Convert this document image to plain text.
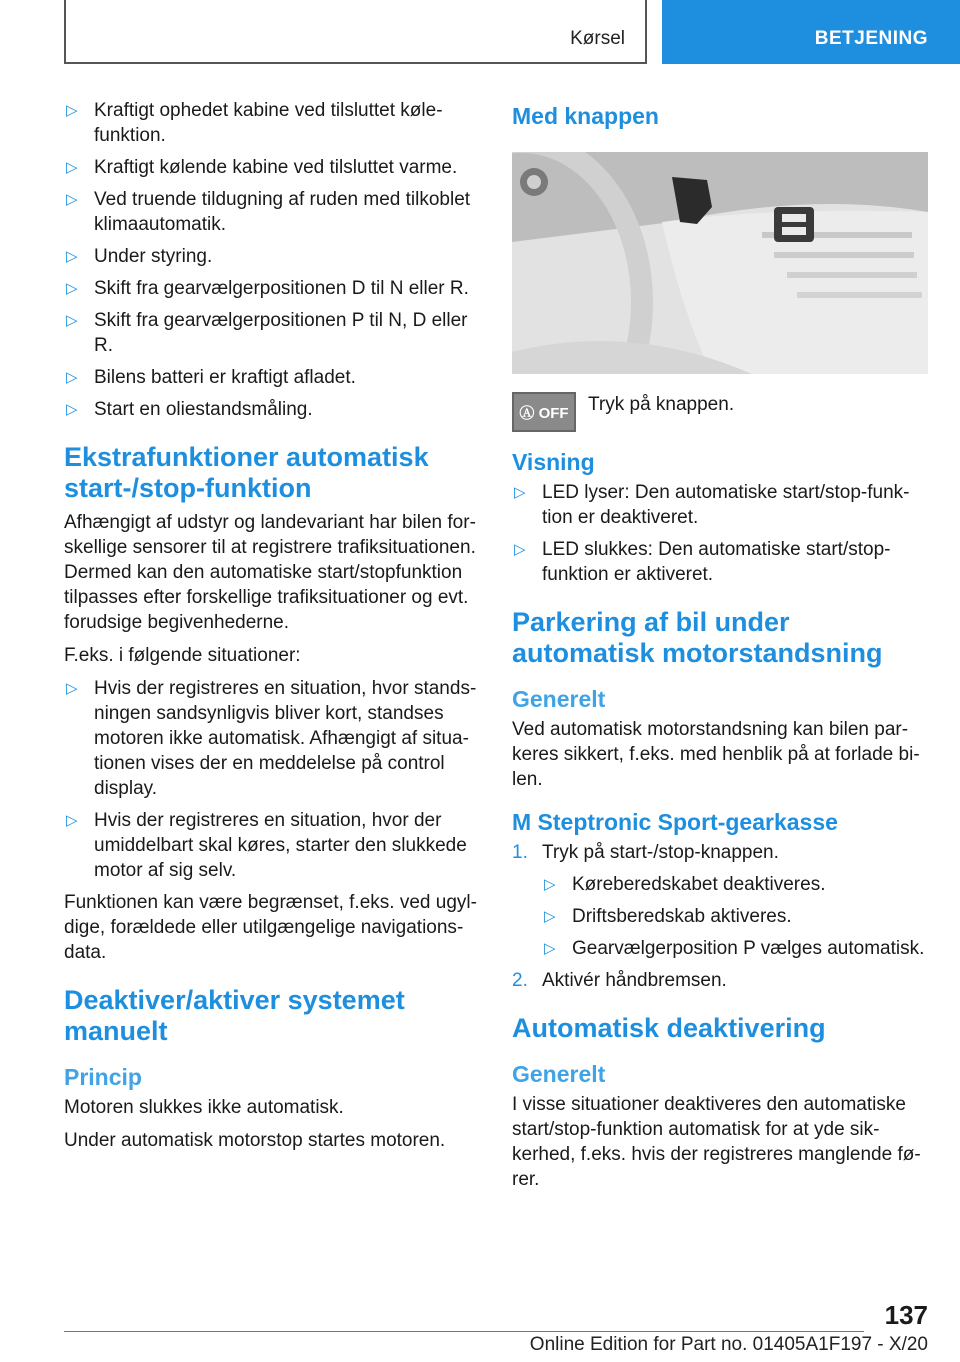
Kørsel	BETJENING
▷ Kraftigt ophedet kabine ved tilsluttet kølefunktion.
▷ Kraftigt kølende kabine ved tilsluttet varme.
▷ Ved truende tildugning af ruden med tilkoblet klimaautomatik.
▷ Under styring.
▷ Skift fra gearvælgerpositionen D til N eller R.
▷ Skift fra gearvælgerpositionen P til N, D eller R.
▷ Bilens batteri er kraftigt afladet.
▷ Start en oliestandsmåling.
Ekstrafunktioner automatisk start-/stop-funktion

Afhængigt af udstyr og landevariant har bilen forskellige sensorer til at registrere trafiksituationen. Dermed kan den automatiske start/stopfunktion tilpasses efter forskellige trafiksituationer og evt. forudsige begivenhederne.

F.eks. i følgende situationer:

▷ Hvis der registreres en situation, hvor standsningen sandsynligvis bliver kort, standses motoren ikke automatisk. Afhængigt af situationen vises der en meddelelse på control display.
▷ Hvis der registreres en situation, hvor der umiddelbart skal køres, starter den slukkede motor af sig selv.

Funktionen kan være begrænset, f.eks. ved ugyldige, forældede eller utilgængelige navigationsdata.

Deaktiver/aktiver systemet manuelt
Princip

Motoren slukkes ikke automatisk.

Under automatisk motorstop startes motoren.

Med knappen
Ⓐ OFF	Tryk på knappen.

Visning
▷ LED lyser: Den automatiske start/stop-funktion er deaktiveret.
▷ LED slukkes: Den automatiske start/stopfunktion er aktiveret.
Parkering af bil under automatisk motorstandsning
Generelt

Ved automatisk motorstandsning kan bilen parkeres sikkert, f.eks. med henblik på at forlade bilen.

M Steptronic Sport-gearkasse
1. Tryk på start-/stop-knappen.
▷ Køreberedskabet deaktiveres.
▷ Driftsberedskab aktiveres.
▷ Gearvælgerposition P vælges automatisk.
2. Aktivér håndbremsen.
Automatisk deaktivering
Generelt

I visse situationer deaktiveres den automatiske start/stop-funktion automatisk for at yde sikkerhed, f.eks. hvis der registreres manglende fører.

137
Online Edition for Part no. 01405A1F197 - X/20
